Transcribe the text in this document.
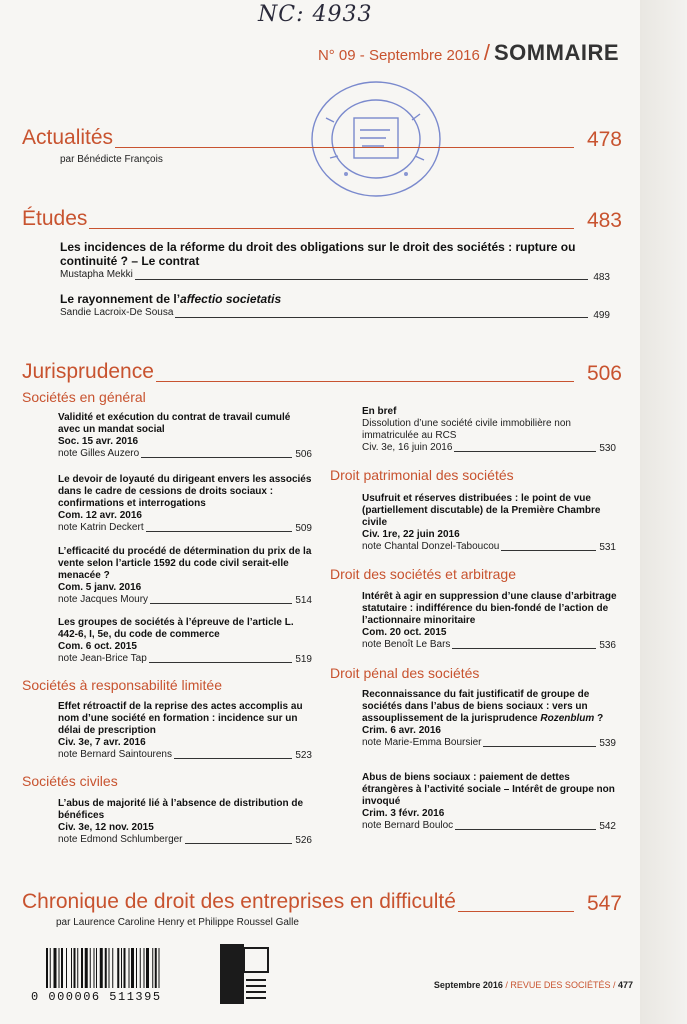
NC: 4933
N° 09 - Septembre 2016 / SOMMAIRE
Actualités	478
par Bénédicte François
Études	483
Les incidences de la réforme du droit des obligations sur le droit des sociétés : rupture ou continuité ? – Le contrat
Mustapha Mekki	483
Le rayonnement de l’affectio societatis
Sandie Lacroix-De Sousa	499
Jurisprudence	506
Sociétés en général
Validité et exécution du contrat de travail cumulé avec un mandat social
Soc. 15 avr. 2016
note Gilles Auzero	506
Le devoir de loyauté du dirigeant envers les associés dans le cadre de cessions de droits sociaux : confirmations et interrogations
Com. 12 avr. 2016
note Katrin Deckert	509
L’efficacité du procédé de détermination du prix de la vente selon l’article 1592 du code civil serait-elle menacée ?
Com. 5 janv. 2016
note Jacques Moury	514
Les groupes de sociétés à l’épreuve de l’article L. 442-6, I, 5e, du code de commerce
Com. 6 oct. 2015
note Jean-Brice Tap	519
Sociétés à responsabilité limitée
Effet rétroactif de la reprise des actes accomplis au nom d’une société en formation : incidence sur un délai de prescription
Civ. 3e, 7 avr. 2016
note Bernard Saintourens	523
Sociétés civiles
L’abus de majorité lié à l’absence de distribution de bénéfices
Civ. 3e, 12 nov. 2015
note Edmond Schlumberger	526
En bref
Dissolution d’une société civile immobilière non immatriculée au RCS
Civ. 3e, 16 juin 2016	530
Droit patrimonial des sociétés
Usufruit et réserves distribuées : le point de vue (partiellement discutable) de la Première Chambre civile
Civ. 1re, 22 juin 2016
note Chantal Donzel-Taboucou	531
Droit des sociétés et arbitrage
Intérêt à agir en suppression d’une clause d’arbitrage statutaire : indifférence du bien-fondé de l’action de l’actionnaire minoritaire
Com. 20 oct. 2015
note Benoît Le Bars	536
Droit pénal des sociétés
Reconnaissance du fait justificatif de groupe de sociétés dans l’abus de biens sociaux : vers un assouplissement de la jurisprudence Rozenblum ?
Crim. 6 avr. 2016
note Marie-Emma Boursier	539
Abus de biens sociaux : paiement de dettes étrangères à l’activité sociale – Intérêt de groupe non invoqué
Crim. 3 févr. 2016
note Bernard Bouloc	542
Chronique de droit des entreprises en difficulté	547
par Laurence Caroline Henry et Philippe Roussel Galle
0 000006 511395
Septembre 2016 / REVUE DES SOCIÉTÉS / 477
